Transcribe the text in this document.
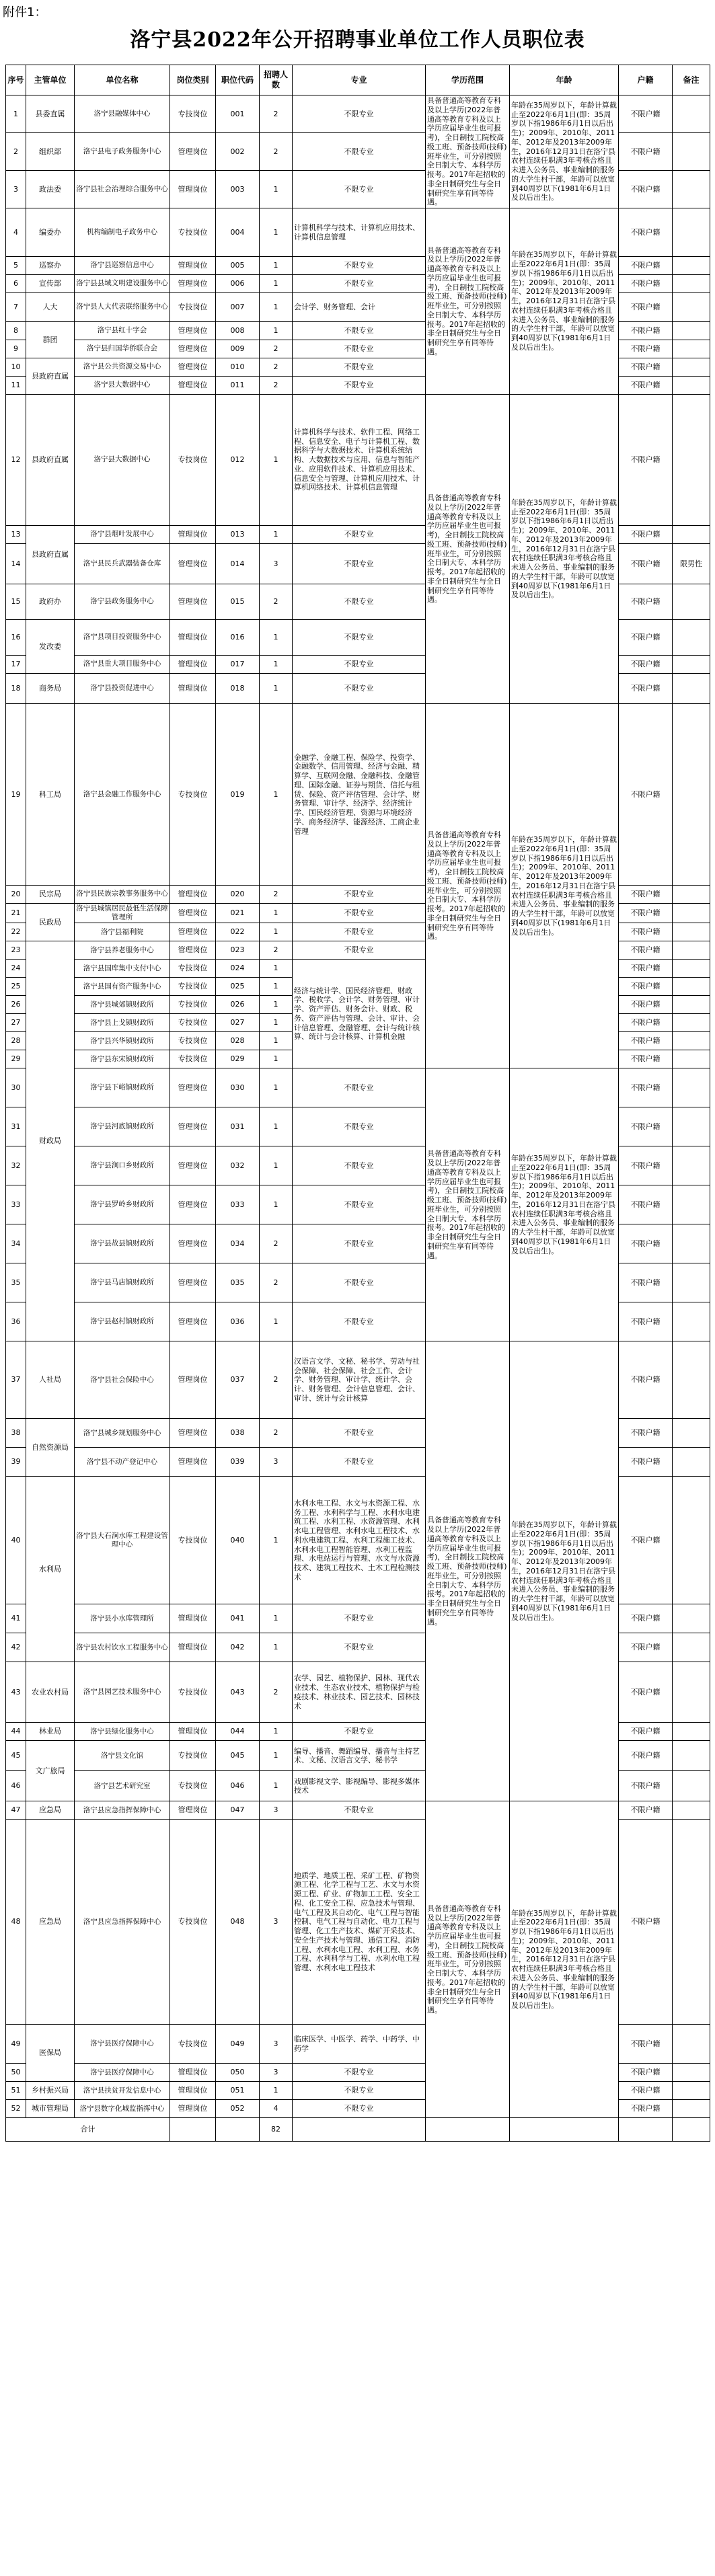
附件1：
洛宁县2022年公开招聘事业单位工作人员职位表
序号	主管单位	单位名称	岗位类别	职位代码	招聘人数	专业	学历范围	年龄	户籍	备注
1	县委直属	洛宁县融媒体中心	专技岗位	001	2	不限专业	具备普通高等教育专科及以上学历(2022年普通高等教育专科及以上学历应届毕业生也可报考)，全日制技工院校高级工班、预备技师(技师)班毕业生，可分别按照全日制大专、本科学历报考。2017年起招收的非全日制研究生与全日制研究生享有同等待遇。	年龄在35周岁以下，年龄计算截止至2022年6月1日(即：35周岁以下指1986年6月1日以后出生)；2009年、2010年、2011年、2012年及2013年2009年生，2016年12月31日在洛宁县农村连续任职满3年考核合格且未进入公务员、事业编制的服务的大学生村干部，年龄可以放宽到40周岁以下(1981年6月1日及以后出生)。	不限户籍	
2	组织部	洛宁县电子政务服务中心	管理岗位	002	2	不限专业			不限户籍	
3	政法委	洛宁县社会治理综合服务中心	管理岗位	003	1	不限专业			不限户籍	
4	编委办	机构编制电子政务中心	专技岗位	004	1	计算机科学与技术、计算机应用技术、计算机信息管理	具备普通高等教育专科及以上学历(2022年普通高等教育专科及以上学历应届毕业生也可报考)，全日制技工院校高级工班、预备技师(技师)班毕业生，可分别按照全日制大专、本科学历报考。2017年起招收的非全日制研究生与全日制研究生享有同等待遇。	年龄在35周岁以下，年龄计算截止至2022年6月1日(即：35周岁以下指1986年6月1日以后出生)；2009年、2010年、2011年、2012年及2013年2009年生，2016年12月31日在洛宁县农村连续任职满3年考核合格且未进入公务员、事业编制的服务的大学生村干部，年龄可以放宽到40周岁以下(1981年6月1日及以后出生)。	不限户籍	
5	巡察办	洛宁县巡察信息中心	管理岗位	005	1	不限专业			不限户籍	
6	宣传部	洛宁县县域文明建设服务中心	管理岗位	006	1	不限专业			不限户籍	
7	人大	洛宁县人大代表联络服务中心	专技岗位	007	1	会计学、财务管理、会计			不限户籍	
8	群团	洛宁县红十字会	管理岗位	008	1	不限专业			不限户籍	
9		洛宁县归国华侨联合会	管理岗位	009	2	不限专业			不限户籍	
10	县政府直属	洛宁县公共资源交易中心	管理岗位	010	2	不限专业			不限户籍	
11		洛宁县大数据中心	管理岗位	011	2	不限专业			不限户籍	
12	县政府直属	洛宁县大数据中心	专技岗位	012	1	计算机科学与技术、软件工程、网络工程、信息安全、电子与计算机工程、数据科学与大数据技术、计算机系统结构、大数据技术与应用、信息与智能产业、应用软件技术、计算机应用技术、信息安全与管理、计算机应用技术、计算机网络技术、计算机信息管理	具备普通高等教育专科及以上学历(2022年普通高等教育专科及以上学历应届毕业生也可报考)，全日制技工院校高级工班、预备技师(技师)班毕业生，可分别按照全日制大专、本科学历报考。2017年起招收的非全日制研究生与全日制研究生享有同等待遇。	年龄在35周岁以下，年龄计算截止至2022年6月1日(即：35周岁以下指1986年6月1日以后出生)；2009年、2010年、2011年、2012年及2013年2009年生，2016年12月31日在洛宁县农村连续任职满3年考核合格且未进入公务员、事业编制的服务的大学生村干部，年龄可以放宽到40周岁以下(1981年6月1日及以后出生)。	不限户籍	
13	县政府直属	洛宁县烟叶发展中心	管理岗位	013	1	不限专业			不限户籍	
14		洛宁县民兵武器装备仓库	管理岗位	014	3	不限专业			不限户籍	限男性
15	政府办	洛宁县政务服务中心	管理岗位	015	2	不限专业			不限户籍	
16	发改委	洛宁县项目投资服务中心	管理岗位	016	1	不限专业			不限户籍	
17		洛宁县重大项目服务中心	管理岗位	017	1	不限专业			不限户籍	
18	商务局	洛宁县投资促进中心	管理岗位	018	1	不限专业			不限户籍	
19	科工局	洛宁县金融工作服务中心	专技岗位	019	1	金融学、金融工程、保险学、投资学、金融数学、信用管理、经济与金融、精算学、互联网金融、金融科技、金融管理、国际金融、证券与期货、信托与租赁、保险、资产评估管理、会计学、财务管理、审计学、经济学、经济统计学、国民经济管理、资源与环境经济学、商务经济学、能源经济、工商企业管理	具备普通高等教育专科及以上学历(2022年普通高等教育专科及以上学历应届毕业生也可报考)，全日制技工院校高级工班、预备技师(技师)班毕业生，可分别按照全日制大专、本科学历报考。2017年起招收的非全日制研究生与全日制研究生享有同等待遇。	年龄在35周岁以下，年龄计算截止至2022年6月1日(即：35周岁以下指1986年6月1日以后出生)；2009年、2010年、2011年、2012年及2013年2009年生，2016年12月31日在洛宁县农村连续任职满3年考核合格且未进入公务员、事业编制的服务的大学生村干部，年龄可以放宽到40周岁以下(1981年6月1日及以后出生)。	不限户籍	
20	民宗局	洛宁县民族宗教事务服务中心	管理岗位	020	2	不限专业			不限户籍	
21	民政局	洛宁县城镇居民最低生活保障管理所	管理岗位	021	1	不限专业			不限户籍	
22		洛宁县福利院	管理岗位	022	1	不限专业			不限户籍	
23	财政局	洛宁县养老服务中心	管理岗位	023	2	不限专业			不限户籍	
24		洛宁县国库集中支付中心	专技岗位	024	1	经济与统计学、国民经济管理、财政学、税收学、会计学、财务管理、审计学、资产评估、财务会计、财政、税务、资产评估与管理、会计、审计、会计信息管理、金融管理、会计与统计核算、统计与会计核算、计算机金融			不限户籍	
25		洛宁县国有资产服务中心	专技岗位	025	1				不限户籍	
26		洛宁县城郊镇财政所	专技岗位	026	1				不限户籍	
27		洛宁县上戈镇财政所	专技岗位	027	1				不限户籍	
28		洛宁县兴华镇财政所	专技岗位	028	1				不限户籍	
29		洛宁县东宋镇财政所	专技岗位	029	1				不限户籍	
30		洛宁县下峪镇财政所	管理岗位	030	1	不限专业	具备普通高等教育专科及以上学历(2022年普通高等教育专科及以上学历应届毕业生也可报考)，全日制技工院校高级工班、预备技师(技师)班毕业生，可分别按照全日制大专、本科学历报考。2017年起招收的非全日制研究生与全日制研究生享有同等待遇。	年龄在35周岁以下，年龄计算截止至2022年6月1日(即：35周岁以下指1986年6月1日以后出生)；2009年、2010年、2011年、2012年及2013年2009年生，2016年12月31日在洛宁县农村连续任职满3年考核合格且未进入公务员、事业编制的服务的大学生村干部，年龄可以放宽到40周岁以下(1981年6月1日及以后出生)。	不限户籍	
31		洛宁县河底镇财政所	管理岗位	031	1	不限专业			不限户籍	
32		洛宁县涧口乡财政所	管理岗位	032	1	不限专业			不限户籍	
33		洛宁县罗岭乡财政所	管理岗位	033	1	不限专业			不限户籍	
34		洛宁县故县镇财政所	管理岗位	034	2	不限专业			不限户籍	
35		洛宁县马店镇财政所	管理岗位	035	2	不限专业			不限户籍	
36		洛宁县赵村镇财政所	管理岗位	036	1	不限专业			不限户籍	
37	人社局	洛宁县社会保险中心	管理岗位	037	2	汉语言文学、文秘、秘书学、劳动与社会保障、社会保障、社会工作、会计学、财务管理、审计学、统计学、会计、财务管理、会计信息管理、会计、审计、统计与会计核算	具备普通高等教育专科及以上学历(2022年普通高等教育专科及以上学历应届毕业生也可报考)，全日制技工院校高级工班、预备技师(技师)班毕业生，可分别按照全日制大专、本科学历报考。2017年起招收的非全日制研究生与全日制研究生享有同等待遇。	年龄在35周岁以下，年龄计算截止至2022年6月1日(即：35周岁以下指1986年6月1日以后出生)；2009年、2010年、2011年、2012年及2013年2009年生，2016年12月31日在洛宁县农村连续任职满3年考核合格且未进入公务员、事业编制的服务的大学生村干部，年龄可以放宽到40周岁以下(1981年6月1日及以后出生)。	不限户籍	
38	自然资源局	洛宁县城乡规划服务中心	管理岗位	038	2	不限专业			不限户籍	
39		洛宁县不动产登记中心	管理岗位	039	3	不限专业			不限户籍	
40	水利局	洛宁县大石涧水库工程建设管理中心	专技岗位	040	1	水利水电工程、水文与水资源工程、水务工程、水利科学与工程、水利水电建筑工程、水利工程、水资源管理、水利水电工程管理、水利水电工程技术、水利水电建筑工程、水利工程施工技术、水利水电工程智能管理、水利工程监理、水电站运行与管理、水文与水资源技术、建筑工程技术、土木工程检测技术			不限户籍	
41		洛宁县小水库管理所	管理岗位	041	1	不限专业			不限户籍	
42		洛宁县农村饮水工程服务中心	管理岗位	042	1	不限专业			不限户籍	
43	农业农村局	洛宁县园艺技术服务中心	专技岗位	043	2	农学、园艺、植物保护、园林、现代农业技术、生态农业技术、植物保护与检疫技术、林业技术、园艺技术、园林技术			不限户籍	
44	林业局	洛宁县绿化服务中心	管理岗位	044	1	不限专业			不限户籍	
45	文广旅局	洛宁县文化馆	专技岗位	045	1	编导、播音、舞蹈编导、播音与主持艺术、文秘、汉语言文学、秘书学			不限户籍	
46		洛宁县艺术研究室	专技岗位	046	1	戏剧影视文学、影视编导、影视多媒体技术			不限户籍	
47	应急局	洛宁县应急指挥保障中心	管理岗位	047	3	不限专业	具备普通高等教育专科及以上学历(2022年普通高等教育专科及以上学历应届毕业生也可报考)，全日制技工院校高级工班、预备技师(技师)班毕业生，可分别按照全日制大专、本科学历报考。2017年起招收的非全日制研究生与全日制研究生享有同等待遇。	年龄在35周岁以下，年龄计算截止至2022年6月1日(即：35周岁以下指1986年6月1日以后出生)；2009年、2010年、2011年、2012年及2013年2009年生，2016年12月31日在洛宁县农村连续任职满3年考核合格且未进入公务员、事业编制的服务的大学生村干部，年龄可以放宽到40周岁以下(1981年6月1日及以后出生)。	不限户籍	
48	应急局	洛宁县应急指挥保障中心	专技岗位	048	3	地质学、地质工程、采矿工程、矿物资源工程、化学工程与工艺、水文与水资源工程、矿业、矿物加工工程、安全工程、化工安全工程、应急技术与管理、电气工程及其自动化、电气工程与智能控制、电气工程与自动化、电力工程与管理、化工生产技术、煤矿开采技术、安全生产技术与管理、通信工程、消防工程、水利水电工程、水利工程、水务工程、水利科学与工程、水利水电工程管理、水利水电工程技术			不限户籍	
49	医保局	洛宁县医疗保障中心	专技岗位	049	3	临床医学、中医学、药学、中药学、中药学			不限户籍	
50		洛宁县医疗保障中心	管理岗位	050	3	不限专业			不限户籍	
51	乡村振兴局	洛宁县扶贫开发信息中心	管理岗位	051	1	不限专业			不限户籍	
52	城市管理局	洛宁县数字化城监指挥中心	管理岗位	052	4	不限专业			不限户籍	
合计					82					
